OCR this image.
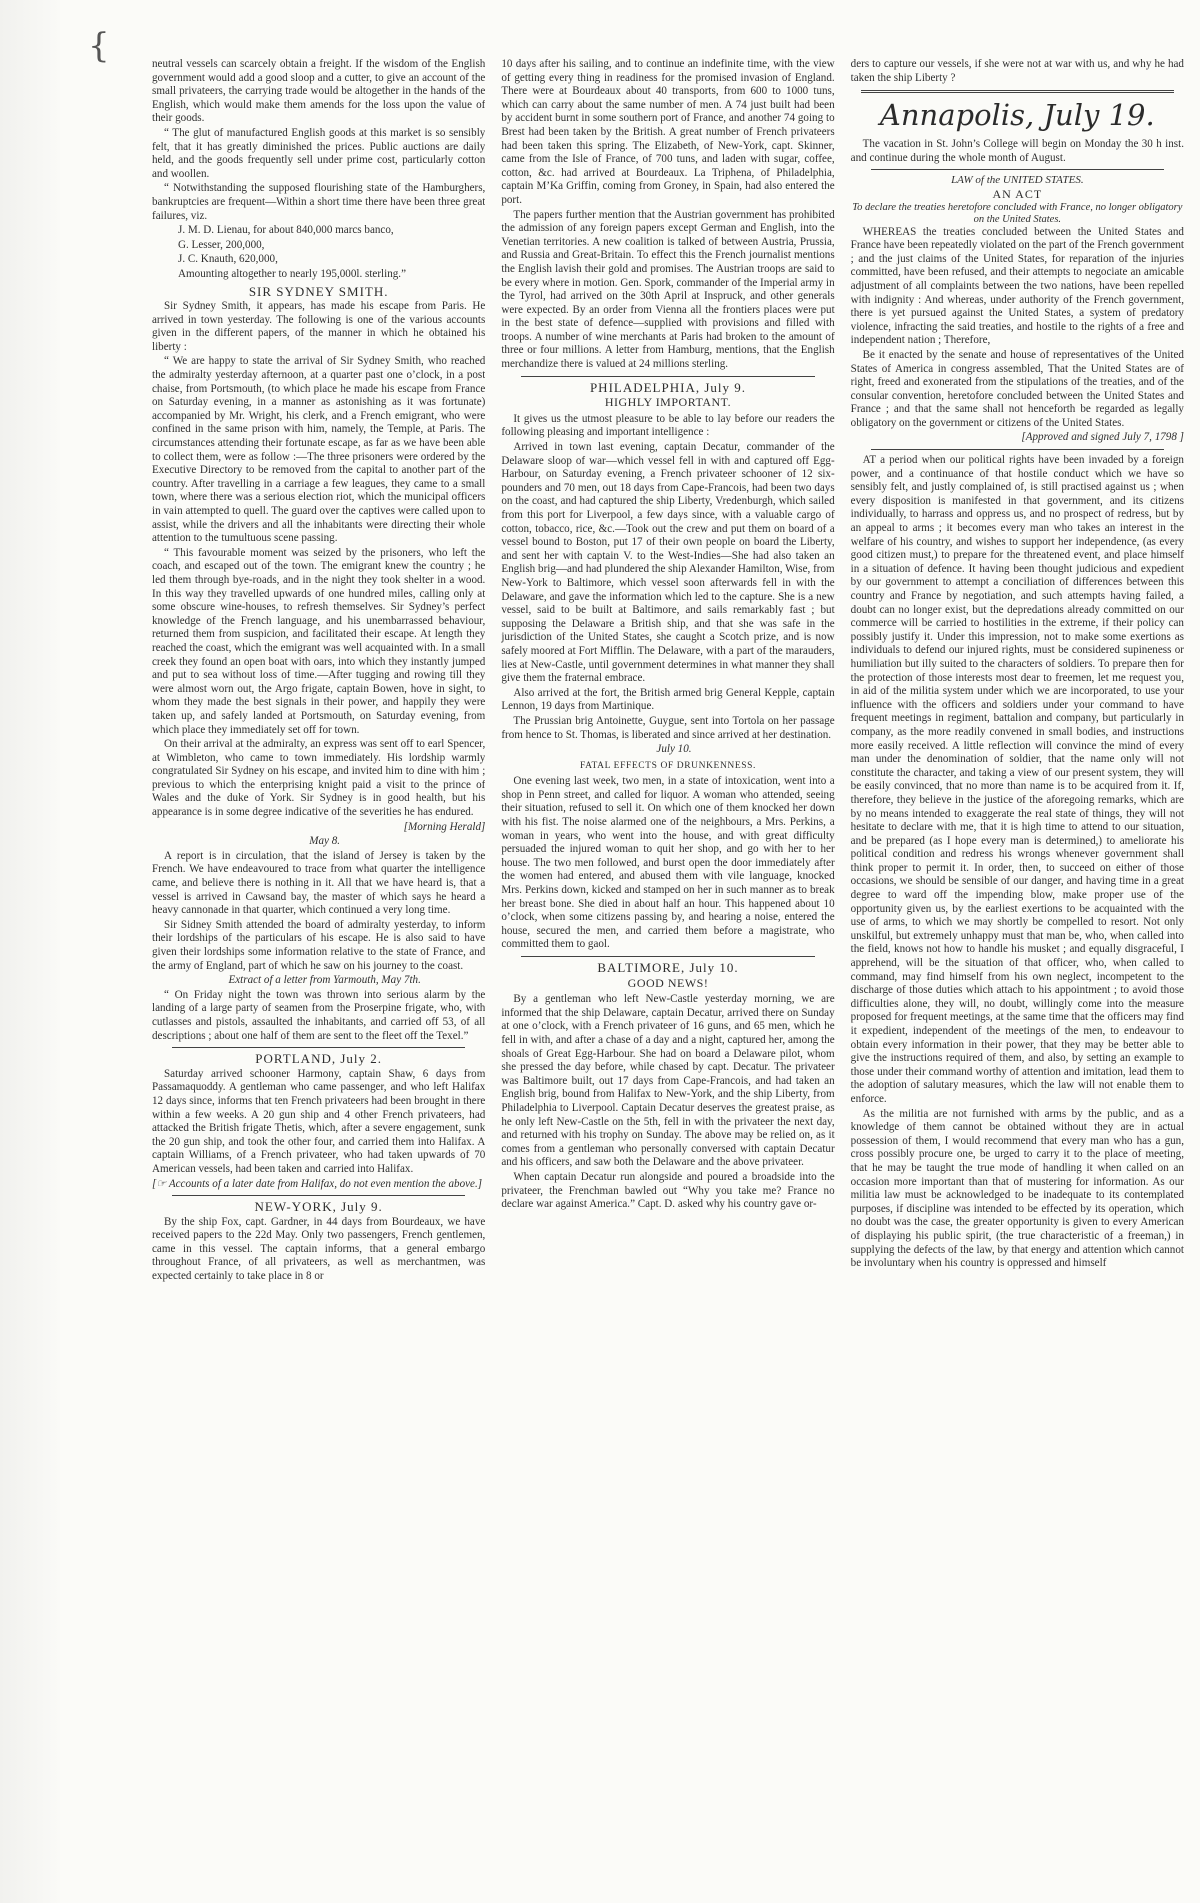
{	neutral vessels can scarcely obtain a freight. If the wisdom of the English government would add a good sloop and a cutter, to give an account of the small privateers, the carrying trade would be altogether in the hands of the English, which would make them amends for the loss upon the value of their goods.

“ The glut of manufactured English goods at this market is so sensibly felt, that it has greatly diminished the prices. Public auctions are daily held, and the goods frequently sell under prime cost, particularly cotton and woollen.

“ Notwithstanding the supposed flourishing state of the Hamburghers, bankruptcies are frequent—Within a short time there have been three great failures, viz.

J. M. D. Lienau, for about 840,000 marcs banco,

G. Lesser, 200,000,

J. C. Knauth, 620,000,

Amounting altogether to nearly 195,000l. sterling.”

SIR SYDNEY SMITH.

Sir Sydney Smith, it appears, has made his escape from Paris. He arrived in town yesterday. The following is one of the various accounts given in the different papers, of the manner in which he obtained his liberty :

“ We are happy to state the arrival of Sir Sydney Smith, who reached the admiralty yesterday afternoon, at a quarter past one o’clock, in a post chaise, from Portsmouth, (to which place he made his escape from France on Saturday evening, in a manner as astonishing as it was fortunate) accompanied by Mr. Wright, his clerk, and a French emigrant, who were confined in the same prison with him, namely, the Temple, at Paris. The circumstances attending their fortunate escape, as far as we have been able to collect them, were as follow :—The three prisoners were ordered by the Executive Directory to be removed from the capital to another part of the country. After travelling in a carriage a few leagues, they came to a small town, where there was a serious election riot, which the municipal officers in vain attempted to quell. The guard over the captives were called upon to assist, while the drivers and all the inhabitants were directing their whole attention to the tumultuous scene passing.

“ This favourable moment was seized by the prisoners, who left the coach, and escaped out of the town. The emigrant knew the country ; he led them through bye-roads, and in the night they took shelter in a wood. In this way they travelled upwards of one hundred miles, calling only at some obscure wine-houses, to refresh themselves. Sir Sydney’s perfect knowledge of the French language, and his unembarrassed behaviour, returned them from suspicion, and facilitated their escape. At length they reached the coast, which the emigrant was well acquainted with. In a small creek they found an open boat with oars, into which they instantly jumped and put to sea without loss of time.—After tugging and rowing till they were almost worn out, the Argo frigate, captain Bowen, hove in sight, to whom they made the best signals in their power, and happily they were taken up, and safely landed at Portsmouth, on Saturday evening, from which place they immediately set off for town.

On their arrival at the admiralty, an express was sent off to earl Spencer, at Wimbleton, who came to town immediately. His lordship warmly congratulated Sir Sydney on his escape, and invited him to dine with him ; previous to which the enterprising knight paid a visit to the prince of Wales and the duke of York. Sir Sydney is in good health, but his appearance is in some degree indicative of the severities he has endured.

[Morning Herald]

May 8.

A report is in circulation, that the island of Jersey is taken by the French. We have endeavoured to trace from what quarter the intelligence came, and believe there is nothing in it. All that we have heard is, that a vessel is arrived in Cawsand bay, the master of which says he heard a heavy cannonade in that quarter, which continued a very long time.

Sir Sidney Smith attended the board of admiralty yesterday, to inform their lordships of the particulars of his escape. He is also said to have given their lordships some information relative to the state of France, and the army of England, part of which he saw on his journey to the coast.

Extract of a letter from Yarmouth, May 7th.

“ On Friday night the town was thrown into serious alarm by the landing of a large party of seamen from the Proserpine frigate, who, with cutlasses and pistols, assaulted the inhabitants, and carried off 53, of all descriptions ; about one half of them are sent to the fleet off the Texel.”

PORTLAND, July 2.

Saturday arrived schooner Harmony, captain Shaw, 6 days from Passamaquoddy. A gentleman who came passenger, and who left Halifax 12 days since, informs that ten French privateers had been brought in there within a few weeks. A 20 gun ship and 4 other French privateers, had attacked the British frigate Thetis, which, after a severe engagement, sunk the 20 gun ship, and took the other four, and carried them into Halifax. A captain Williams, of a French privateer, who had taken upwards of 70 American vessels, had been taken and carried into Halifax.

[☞ Accounts of a later date from Halifax, do not even mention the above.]

NEW-YORK, July 9.

By the ship Fox, capt. Gardner, in 44 days from Bourdeaux, we have received papers to the 22d May. Only two passengers, French gentlemen, came in this vessel. The captain informs, that a general embargo throughout France, of all privateers, as well as merchantmen, was expected certainly to take place in 8 or

10 days after his sailing, and to continue an indefinite time, with the view of getting every thing in readiness for the promised invasion of England. There were at Bourdeaux about 40 transports, from 600 to 1000 tuns, which can carry about the same number of men. A 74 just built had been by accident burnt in some southern port of France, and another 74 going to Brest had been taken by the British. A great number of French privateers had been taken this spring. The Elizabeth, of New-York, capt. Skinner, came from the Isle of France, of 700 tuns, and laden with sugar, coffee, cotton, &c. had arrived at Bourdeaux. La Triphena, of Philadelphia, captain M’Ka Griffin, coming from Groney, in Spain, had also entered the port.

The papers further mention that the Austrian government has prohibited the admission of any foreign papers except German and English, into the Venetian territories. A new coalition is talked of between Austria, Prussia, and Russia and Great-Britain. To effect this the French journalist mentions the English lavish their gold and promises. The Austrian troops are said to be every where in motion. Gen. Spork, commander of the Imperial army in the Tyrol, had arrived on the 30th April at Inspruck, and other generals were expected. By an order from Vienna all the frontiers places were put in the best state of defence—supplied with provisions and filled with troops. A number of wine merchants at Paris had broken to the amount of three or four millions. A letter from Hamburg, mentions, that the English merchandize there is valued at 24 millions sterling.

PHILADELPHIA, July 9.
HIGHLY IMPORTANT.

It gives us the utmost pleasure to be able to lay before our readers the following pleasing and important intelligence :

Arrived in town last evening, captain Decatur, commander of the Delaware sloop of war—which vessel fell in with and captured off Egg-Harbour, on Saturday evening, a French privateer schooner of 12 six-pounders and 70 men, out 18 days from Cape-Francois, had been two days on the coast, and had captured the ship Liberty, Vredenburgh, which sailed from this port for Liverpool, a few days since, with a valuable cargo of cotton, tobacco, rice, &c.—Took out the crew and put them on board of a vessel bound to Boston, put 17 of their own people on board the Liberty, and sent her with captain V. to the West-Indies—She had also taken an English brig—and had plundered the ship Alexander Hamilton, Wise, from New-York to Baltimore, which vessel soon afterwards fell in with the Delaware, and gave the information which led to the capture. She is a new vessel, said to be built at Baltimore, and sails remarkably fast ; but supposing the Delaware a British ship, and that she was safe in the jurisdiction of the United States, she caught a Scotch prize, and is now safely moored at Fort Mifflin. The Delaware, with a part of the marauders, lies at New-Castle, until government determines in what manner they shall give them the fraternal embrace.

Also arrived at the fort, the British armed brig General Kepple, captain Lennon, 19 days from Martinique.

The Prussian brig Antoinette, Guygue, sent into Tortola on her passage from hence to St. Thomas, is liberated and since arrived at her destination.

July 10.

FATAL EFFECTS OF DRUNKENNESS.

One evening last week, two men, in a state of intoxication, went into a shop in Penn street, and called for liquor. A woman who attended, seeing their situation, refused to sell it. On which one of them knocked her down with his fist. The noise alarmed one of the neighbours, a Mrs. Perkins, a woman in years, who went into the house, and with great difficulty persuaded the injured woman to quit her shop, and go with her to her house. The two men followed, and burst open the door immediately after the women had entered, and abused them with vile language, knocked Mrs. Perkins down, kicked and stamped on her in such manner as to break her breast bone. She died in about half an hour. This happened about 10 o’clock, when some citizens passing by, and hearing a noise, entered the house, secured the men, and carried them before a magistrate, who committed them to gaol.

BALTIMORE, July 10.
GOOD NEWS!

By a gentleman who left New-Castle yesterday morning, we are informed that the ship Delaware, captain Decatur, arrived there on Sunday at one o’clock, with a French privateer of 16 guns, and 65 men, which he fell in with, and after a chase of a day and a night, captured her, among the shoals of Great Egg-Harbour. She had on board a Delaware pilot, whom she pressed the day before, while chased by capt. Decatur. The privateer was Baltimore built, out 17 days from Cape-Francois, and had taken an English brig, bound from Halifax to New-York, and the ship Liberty, from Philadelphia to Liverpool. Captain Decatur deserves the greatest praise, as he only left New-Castle on the 5th, fell in with the privateer the next day, and returned with his trophy on Sunday. The above may be relied on, as it comes from a gentleman who personally conversed with captain Decatur and his officers, and saw both the Delaware and the above privateer.

When captain Decatur run alongside and poured a broadside into the privateer, the Frenchman bawled out “Why you take me? France no declare war against America.” Capt. D. asked why his country gave or-

ders to capture our vessels, if she were not at war with us, and why he had taken the ship Liberty ?

Annapolis, July 19.

The vacation in St. John’s College will begin on Monday the 30 h inst. and continue during the whole month of August.

LAW of the UNITED STATES.
AN ACT
To declare the treaties heretofore concluded with France, no longer obligatory on the United States.

WHEREAS the treaties concluded between the United States and France have been repeatedly violated on the part of the French government ; and the just claims of the United States, for reparation of the injuries committed, have been refused, and their attempts to negociate an amicable adjustment of all complaints between the two nations, have been repelled with indignity : And whereas, under authority of the French government, there is yet pursued against the United States, a system of predatory violence, infracting the said treaties, and hostile to the rights of a free and independent nation ; Therefore,

Be it enacted by the senate and house of representatives of the United States of America in congress assembled, That the United States are of right, freed and exonerated from the stipulations of the treaties, and of the consular convention, heretofore concluded between the United States and France ; and that the same shall not henceforth be regarded as legally obligatory on the government or citizens of the United States.

[Approved and signed July 7, 1798 ]

AT a period when our political rights have been invaded by a foreign power, and a continuance of that hostile conduct which we have so sensibly felt, and justly complained of, is still practised against us ; when every disposition is manifested in that government, and its citizens individually, to harrass and oppress us, and no prospect of redress, but by an appeal to arms ; it becomes every man who takes an interest in the welfare of his country, and wishes to support her independence, (as every good citizen must,) to prepare for the threatened event, and place himself in a situation of defence. It having been thought judicious and expedient by our government to attempt a conciliation of differences between this country and France by negotiation, and such attempts having failed, a doubt can no longer exist, but the depredations already committed on our commerce will be carried to hostilities in the extreme, if their policy can possibly justify it. Under this impression, not to make some exertions as individuals to defend our injured rights, must be considered supineness or humiliation but illy suited to the characters of soldiers. To prepare then for the protection of those interests most dear to freemen, let me request you, in aid of the militia system under which we are incorporated, to use your influence with the officers and soldiers under your command to have frequent meetings in regiment, battalion and company, but particularly in company, as the more readily convened in small bodies, and instructions more easily received. A little reflection will convince the mind of every man under the denomination of soldier, that the name only will not constitute the character, and taking a view of our present system, they will be easily convinced, that no more than name is to be acquired from it. If, therefore, they believe in the justice of the aforegoing remarks, which are by no means intended to exaggerate the real state of things, they will not hesitate to declare with me, that it is high time to attend to our situation, and be prepared (as I hope every man is determined,) to ameliorate his political condition and redress his wrongs whenever government shall think proper to permit it. In order, then, to succeed on either of those occasions, we should be sensible of our danger, and having time in a great degree to ward off the impending blow, make proper use of the opportunity given us, by the earliest exertions to be acquainted with the use of arms, to which we may shortly be compelled to resort. Not only unskilful, but extremely unhappy must that man be, who, when called into the field, knows not how to handle his musket ; and equally disgraceful, I apprehend, will be the situation of that officer, who, when called to command, may find himself from his own neglect, incompetent to the discharge of those duties which attach to his appointment ; to avoid those difficulties alone, they will, no doubt, willingly come into the measure proposed for frequent meetings, at the same time that the officers may find it expedient, independent of the meetings of the men, to endeavour to obtain every information in their power, that they may be better able to give the instructions required of them, and also, by setting an example to those under their command worthy of attention and imitation, lead them to the adoption of salutary measures, which the law will not enable them to enforce.

As the militia are not furnished with arms by the public, and as a knowledge of them cannot be obtained without they are in actual possession of them, I would recommend that every man who has a gun, cross possibly procure one, be urged to carry it to the place of meeting, that he may be taught the true mode of handling it when called on an occasion more important than that of mustering for information. As our militia law must be acknowledged to be inadequate to its contemplated purposes, if discipline was intended to be effected by its operation, which no doubt was the case, the greater opportunity is given to every American of displaying his public spirit, (the true characteristic of a freeman,) in supplying the defects of the law, by that energy and attention which cannot be involuntary when his country is oppressed and himself
